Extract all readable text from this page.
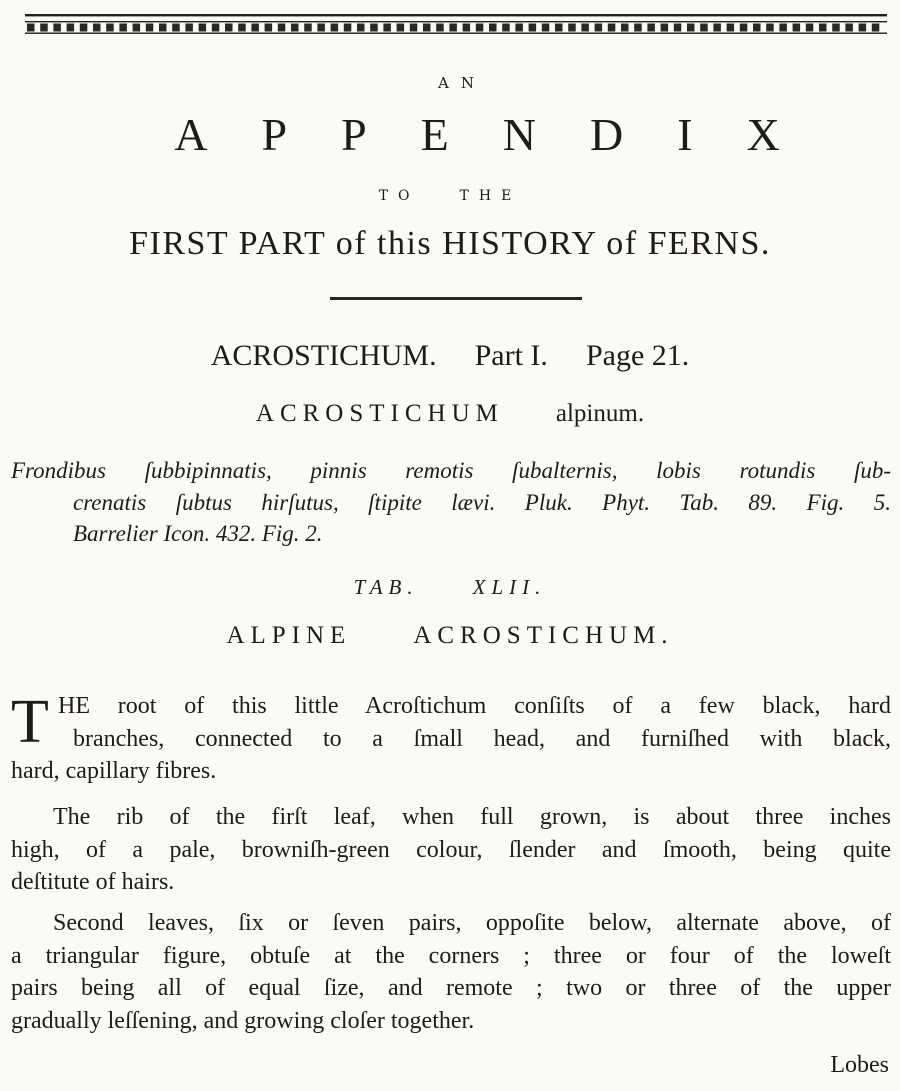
AN
APPENDIX
TO	THE
FIRST PART of this HISTORY of FERNS.
ACROSTICHUM. Part I. Page 21.
ACROSTICHUM alpinum.
Frondibus ſubbipinnatis, pinnis remotis ſubalternis, lobis rotundis ſub-
crenatis ſubtus hirſutus, ſtipite lævi. Pluk. Phyt. Tab. 89. Fig. 5.
Barrelier Icon. 432. Fig. 2.
TAB.	XLII.
ALPINE ACROSTICHUM.
T HE root of this little Acroſtichum conſiſts of a few black, hard
branches, connected to a ſmall head, and furniſhed with black,
hard, capillary fibres.
The rib of the firſt leaf, when full grown, is about three inches
high, of a pale, browniſh-green colour, ſlender and ſmooth, being quite
deſtitute of hairs.
Second leaves, ſix or ſeven pairs, oppoſite below, alternate above, of
a triangular figure, obtuſe at the corners ; three or four of the loweſt
pairs being all of equal ſize, and remote ; two or three of the upper
gradually leſſening, and growing cloſer together.
Lobes
